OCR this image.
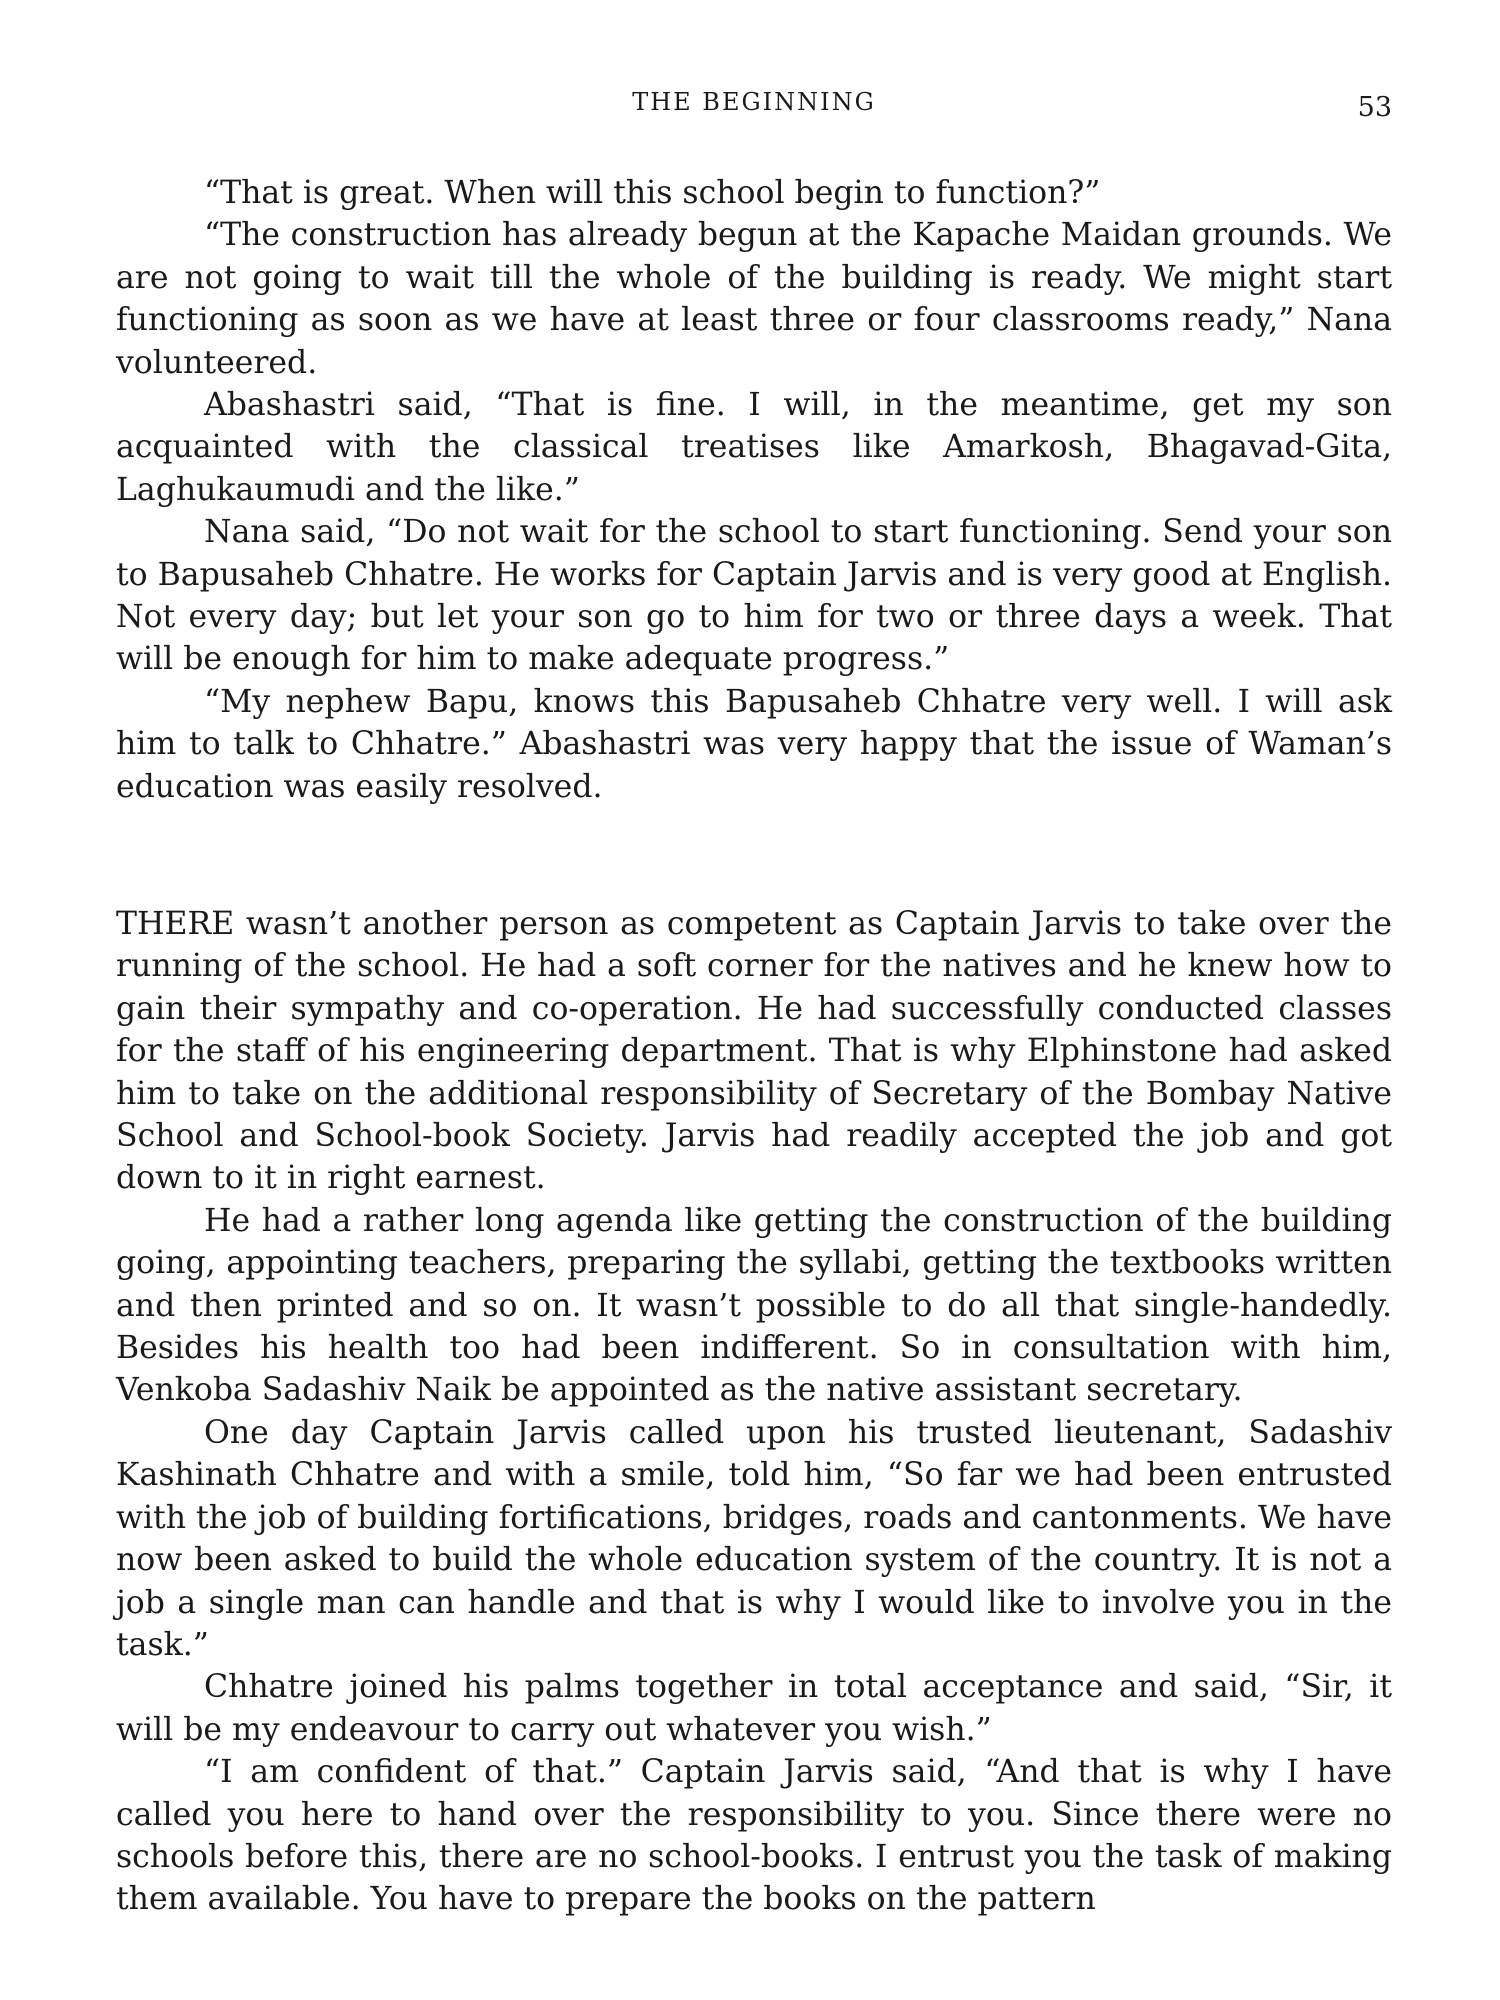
THE BEGINNING	53

“That is great. When will this school begin to function?”

“The construction has already begun at the Kapache Maidan grounds. We are not going to wait till the whole of the building is ready. We might start functioning as soon as we have at least three or four classrooms ready,” Nana volunteered.

Abashastri said, “That is fine. I will, in the meantime, get my son acquainted with the classical treatises like Amarkosh, Bhagavad-Gita, Laghukaumudi and the like.”

Nana said, “Do not wait for the school to start functioning. Send your son to Bapusaheb Chhatre. He works for Captain Jarvis and is very good at English. Not every day; but let your son go to him for two or three days a week. That will be enough for him to make adequate progress.”

“My nephew Bapu, knows this Bapusaheb Chhatre very well. I will ask him to talk to Chhatre.” Abashastri was very happy that the issue of Waman’s education was easily resolved.

THERE wasn’t another person as competent as Captain Jarvis to take over the running of the school. He had a soft corner for the natives and he knew how to gain their sympathy and co-operation. He had successfully conducted classes for the staff of his engineering department. That is why Elphinstone had asked him to take on the additional responsibility of Secretary of the Bombay Native School and School-book Society. Jarvis had readily accepted the job and got down to it in right earnest.

He had a rather long agenda like getting the construction of the building going, appointing teachers, preparing the syllabi, getting the textbooks written and then printed and so on. It wasn’t possible to do all that single-handedly. Besides his health too had been indifferent. So in consultation with him, Venkoba Sadashiv Naik be appointed as the native assistant secretary.

One day Captain Jarvis called upon his trusted lieutenant, Sadashiv Kashinath Chhatre and with a smile, told him, “So far we had been entrusted with the job of building fortifications, bridges, roads and cantonments. We have now been asked to build the whole education system of the country. It is not a job a single man can handle and that is why I would like to involve you in the task.”

Chhatre joined his palms together in total acceptance and said, “Sir, it will be my endeavour to carry out whatever you wish.”

“I am confident of that.” Captain Jarvis said, “And that is why I have called you here to hand over the responsibility to you. Since there were no schools before this, there are no school-books. I entrust you the task of making them available. You have to prepare the books on the pattern
